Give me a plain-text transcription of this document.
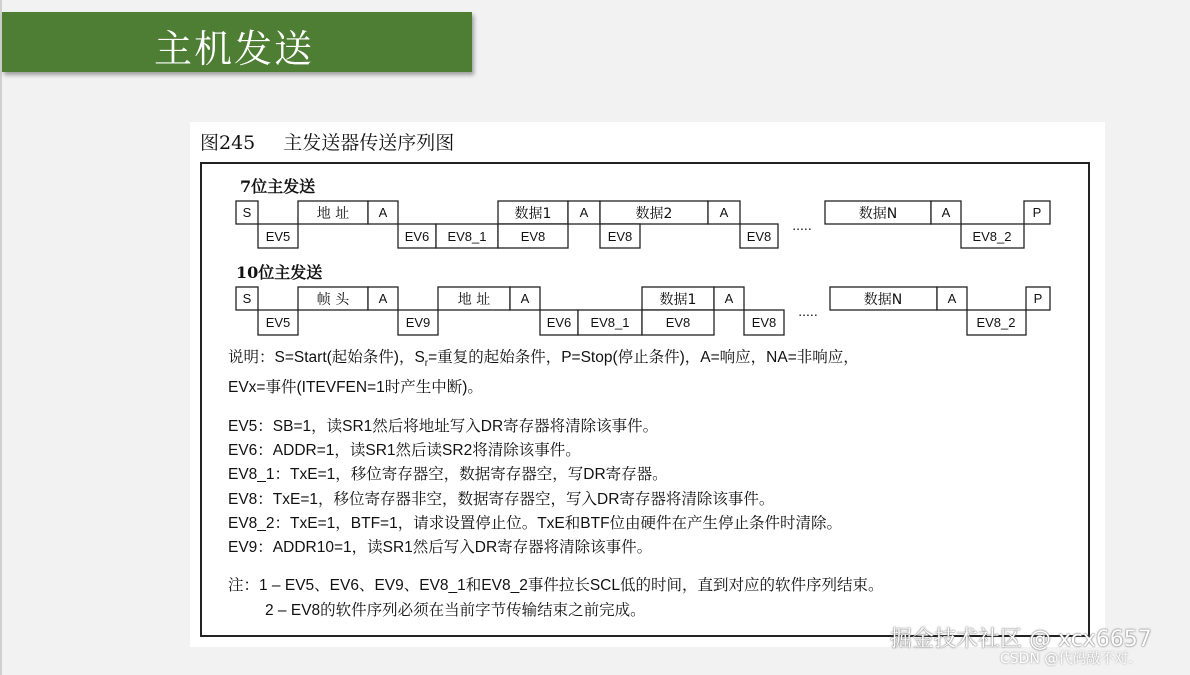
主机发送
图245 主发送器传送序列图
7位主发送
10位主发送
S	地 址 A	数据1 A	数据2	A	数据N	A	P
EV5	EV6 EV8_1	EV8	EV8	EV8
.....
EV8_2
S	帧 头 A	地 址 A	数据1 A	数据N	A	P
EV5	EV9	EV6 EV8_1	EV8	EV8
.....
EV8_2
说明：S=Start(起始条件)，$S_r=$重复的起始条件，P=Stop(停止条件)，A=响应，NA=非响应，
EVx=事件(ITEVFEN=1时产生中断)。
EV5：SB=1，读SR1然后将地址写入DR寄存器将清除该事件。
EV6：ADDR=1，读SR1然后读SR2将清除该事件。
EV8_1：TxE=1，移位寄存器空，数据寄存器空，写DR寄存器。
EV8：TxE=1，移位寄存器非空，数据寄存器空，写入DR寄存器将清除该事件。
EV8_2：TxE=1，BTF=1，请求设置停止位。TxE和BTF位由硬件在产生停止条件时清除。
EV9：ADDR10=1，读SR1然后写入DR寄存器将清除该事件。
注：1 – EV5、EV6、EV9、EV8_1和EV8_2事件拉长SCL低的时间，直到对应的软件序列结束。
2 – EV8的软件序列必须在当前字节传输结束之前完成。
掘金技术社区 @ xcx6657
CSDN @代码敲不对.
